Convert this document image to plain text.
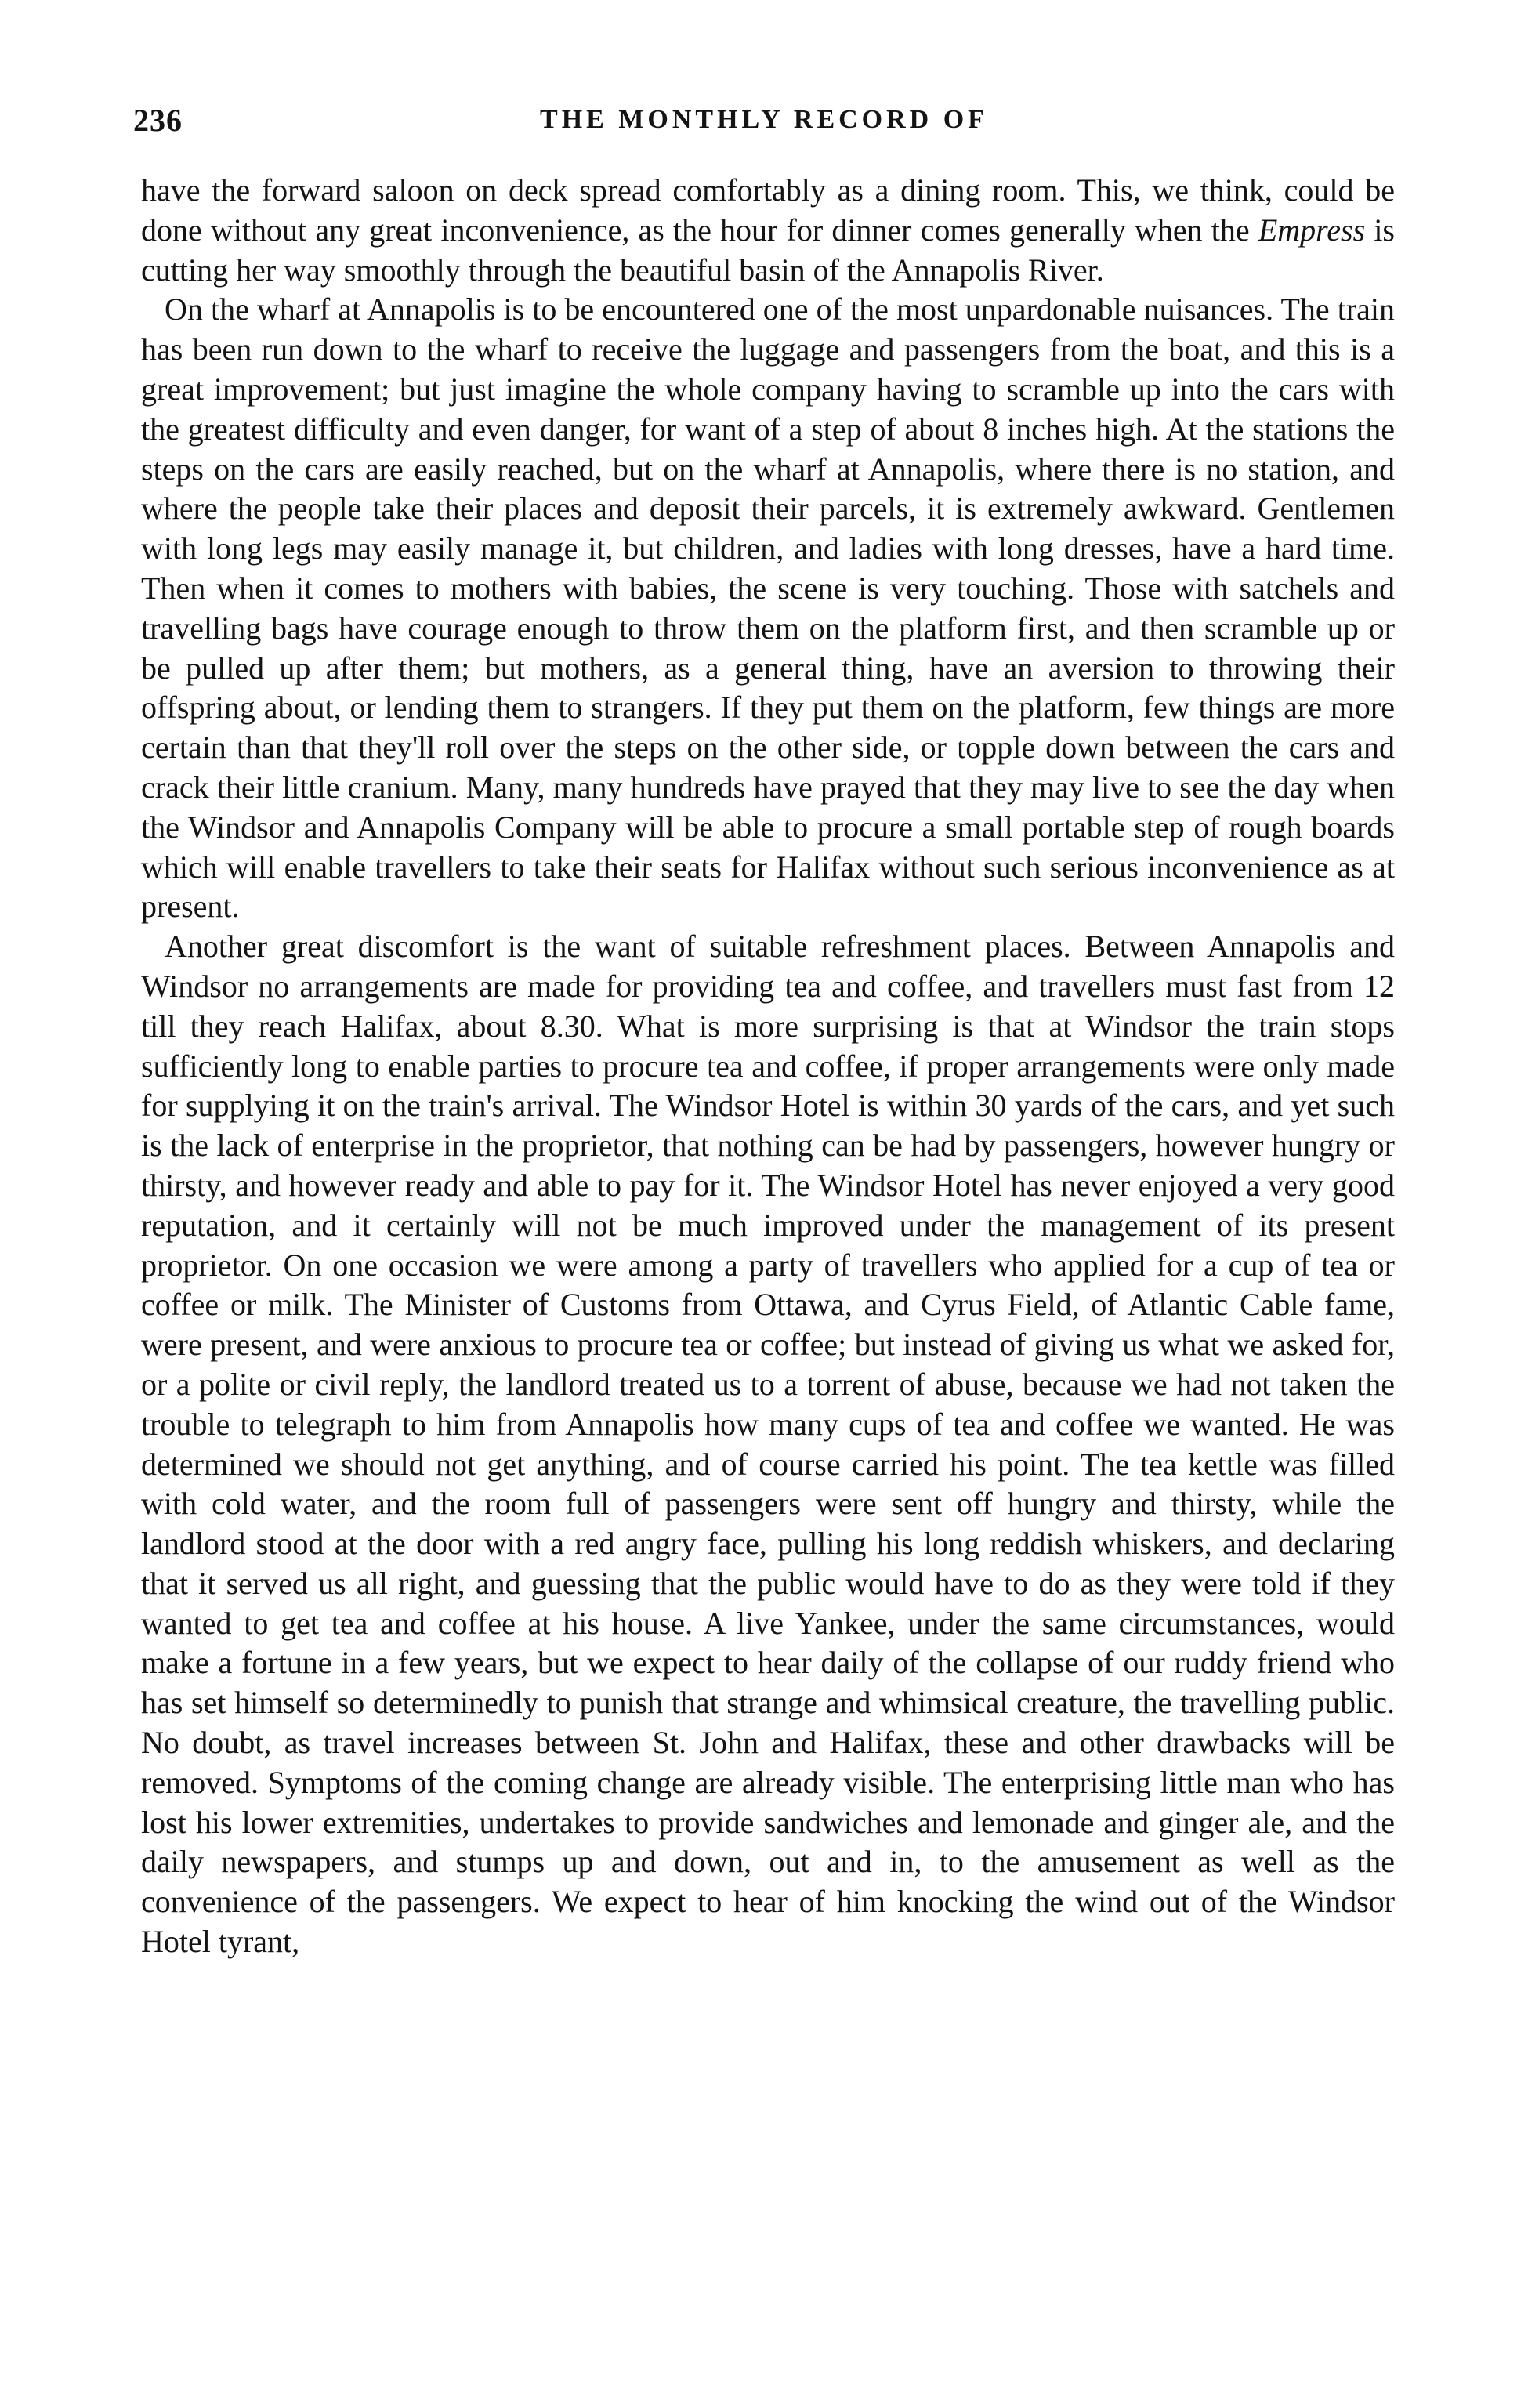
236	THE MONTHLY RECORD OF

have the forward saloon on deck spread comfortably as a dining room. This, we think, could be done without any great inconvenience, as the hour for dinner comes generally when the Empress is cutting her way smoothly through the beautiful basin of the Annapolis River.

On the wharf at Annapolis is to be encountered one of the most unpardonable nuisances. The train has been run down to the wharf to receive the luggage and passengers from the boat, and this is a great improvement; but just imagine the whole company having to scramble up into the cars with the greatest difficulty and even danger, for want of a step of about 8 inches high. At the stations the steps on the cars are easily reached, but on the wharf at Annapolis, where there is no station, and where the people take their places and deposit their parcels, it is extremely awkward. Gentlemen with long legs may easily manage it, but children, and ladies with long dresses, have a hard time. Then when it comes to mothers with babies, the scene is very touching. Those with satchels and travelling bags have courage enough to throw them on the platform first, and then scramble up or be pulled up after them; but mothers, as a general thing, have an aversion to throwing their offspring about, or lending them to strangers. If they put them on the platform, few things are more certain than that they'll roll over the steps on the other side, or topple down between the cars and crack their little cranium. Many, many hundreds have prayed that they may live to see the day when the Windsor and Annapolis Company will be able to procure a small portable step of rough boards which will enable travellers to take their seats for Halifax without such serious inconvenience as at present.

Another great discomfort is the want of suitable refreshment places. Between Annapolis and Windsor no arrangements are made for providing tea and coffee, and travellers must fast from 12 till they reach Halifax, about 8.30. What is more surprising is that at Windsor the train stops sufficiently long to enable parties to procure tea and coffee, if proper arrangements were only made for supplying it on the train's arrival. The Windsor Hotel is within 30 yards of the cars, and yet such is the lack of enterprise in the proprietor, that nothing can be had by passengers, however hungry or thirsty, and however ready and able to pay for it. The Windsor Hotel has never enjoyed a very good reputation, and it certainly will not be much improved under the management of its present proprietor. On one occasion we were among a party of travellers who applied for a cup of tea or coffee or milk. The Minister of Customs from Ottawa, and Cyrus Field, of Atlantic Cable fame, were present, and were anxious to procure tea or coffee; but instead of giving us what we asked for, or a polite or civil reply, the landlord treated us to a torrent of abuse, because we had not taken the trouble to telegraph to him from Annapolis how many cups of tea and coffee we wanted. He was determined we should not get anything, and of course carried his point. The tea kettle was filled with cold water, and the room full of passengers were sent off hungry and thirsty, while the landlord stood at the door with a red angry face, pulling his long reddish whiskers, and declaring that it served us all right, and guessing that the public would have to do as they were told if they wanted to get tea and coffee at his house. A live Yankee, under the same circumstances, would make a fortune in a few years, but we expect to hear daily of the collapse of our ruddy friend who has set himself so determinedly to punish that strange and whimsical creature, the travelling public. No doubt, as travel increases between St. John and Halifax, these and other drawbacks will be removed. Symptoms of the coming change are already visible. The enterprising little man who has lost his lower extremities, undertakes to provide sandwiches and lemonade and ginger ale, and the daily newspapers, and stumps up and down, out and in, to the amusement as well as the convenience of the passengers. We expect to hear of him knocking the wind out of the Windsor Hotel tyrant,
